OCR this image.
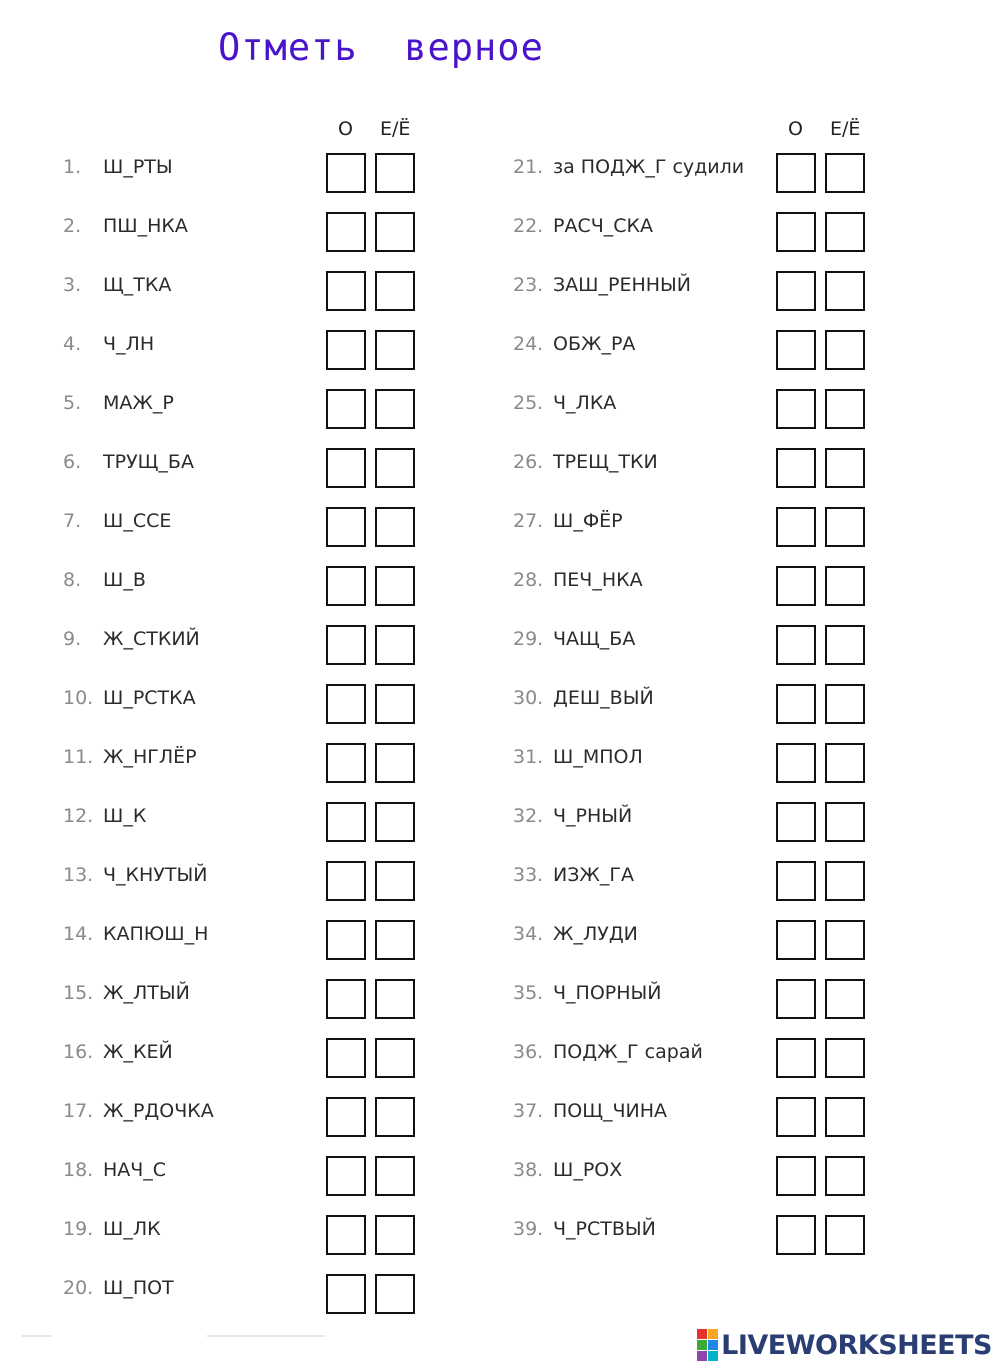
Отметь  верное
О Е/Ё
1. Ш_РТЫ
2. ПШ_НКА
3. Щ_ТКА
4. Ч_ЛН
5. МАЖ_Р
6. ТРУЩ_БА
7. Ш_ССЕ
8. Ш_В
9. Ж_СТКИЙ
10. Ш_РСТКА
11. Ж_НГЛЁР
12. Ш_К
13. Ч_КНУТЫЙ
14. КАПЮШ_Н
15. Ж_ЛТЫЙ
16. Ж_КЕЙ
17. Ж_РДОЧКА
18. НАЧ_С
19. Ш_ЛК
20. Ш_ПОТ
О Е/Ё
21. за ПОДЖ_Г судили
22. РАСЧ_СКА
23. ЗАШ_РЕННЫЙ
24. ОБЖ_РА
25. Ч_ЛКА
26. ТРЕЩ_ТКИ
27. Ш_ФЁР
28. ПЕЧ_НКА
29. ЧАЩ_БА
30. ДЕШ_ВЫЙ
31. Ш_МПОЛ
32. Ч_РНЫЙ
33. ИЗЖ_ГА
34. Ж_ЛУДИ
35. Ч_ПОРНЫЙ
36. ПОДЖ_Г сарай
37. ПОЩ_ЧИНА
38. Ш_РОХ
39. Ч_РСТВЫЙ
LIVEWORKSHEETS
